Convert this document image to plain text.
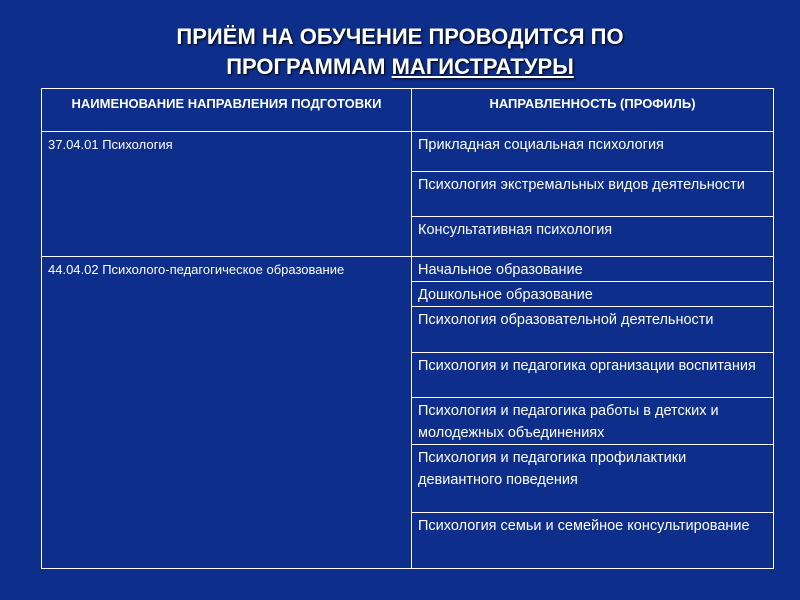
ПРИЁМ НА ОБУЧЕНИЕ ПРОВОДИТСЯ ПО
ПРОГРАММАМ МАГИСТРАТУРЫ
НАИМЕНОВАНИЕ НАПРАВЛЕНИЯ ПОДГОТОВКИ	НАПРАВЛЕННОСТЬ (ПРОФИЛЬ)
37.04.01 Психология	Прикладная социальная психология
	Психология экстремальных видов деятельности
	Консультативная психология
44.04.02 Психолого-педагогическое образование	Начальное образование
	Дошкольное образование
	Психология образовательной деятельности
	Психология и педагогика организации воспитания
	Психология и педагогика работы в детских и молодежных объединениях
	Психология и педагогика профилактики девиантного поведения
	Психология семьи и семейное консультирование
